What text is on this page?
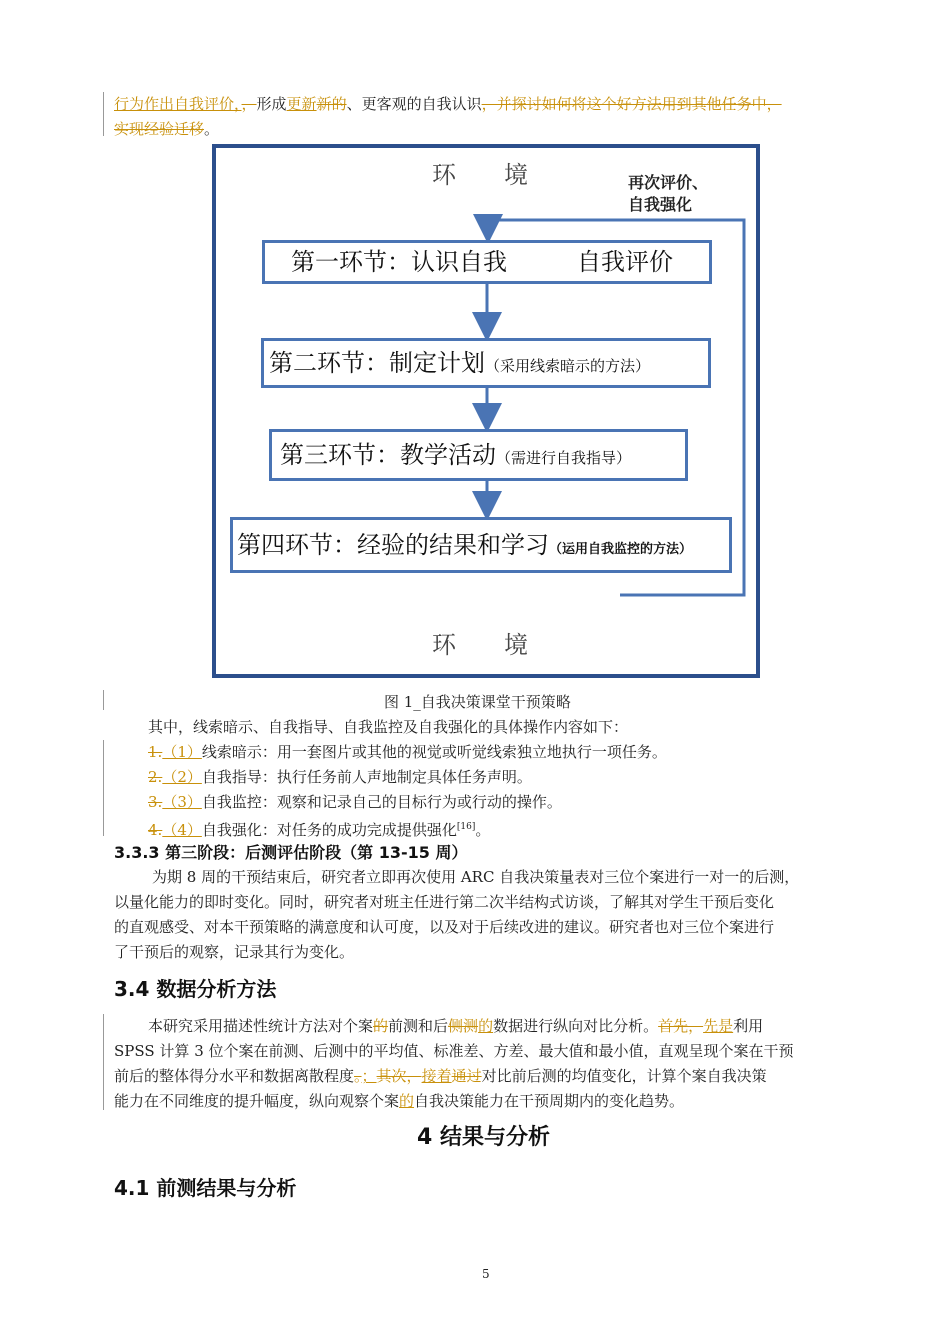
行为作出自我评价，，形成更新新的、更客观的自我认识，并探讨如何将这个好方法用到其他任务中，
实现经验迁移。
环　　境
环　　境
再次评价、
自我强化
第一环节：认识自我	自我评价
第二环节：制定计划（采用线索暗示的方法）
第三环节：教学活动（需进行自我指导）
第四环节：经验的结果和学习（运用自我监控的方法）
图 1_自我决策课堂干预策略
其中，线索暗示、自我指导、自我监控及自我强化的具体操作内容如下：
1.（1）线索暗示：用一套图片或其他的视觉或听觉线索独立地执行一项任务。
2.（2）自我指导：执行任务前人声地制定具体任务声明。
3.（3）自我监控：观察和记录自己的目标行为或行动的操作。
4.（4）自我强化：对任务的成功完成提供强化[16]。
3.3.3 第三阶段：后测评估阶段（第 13-15 周）
为期 8 周的干预结束后，研究者立即再次使用 ARC 自我决策量表对三位个案进行一对一的后测，
以量化能力的即时变化。同时，研究者对班主任进行第二次半结构式访谈，了解其对学生干预后变化
的直观感受、对本干预策略的满意度和认可度，以及对于后续改进的建议。研究者也对三位个案进行
了干预后的观察，记录其行为变化。
3.4 数据分析方法
本研究采用描述性统计方法对个案的前测和后侧测的数据进行纵向对比分析。首先，先是利用
SPSS 计算 3 位个案在前测、后测中的平均值、标准差、方差、最大值和最小值，直观呈现个案在干预
前后的整体得分水平和数据离散程度。；其次，接着通过对比前后测的均值变化，计算个案自我决策
能力在不同维度的提升幅度，纵向观察个案的自我决策能力在干预周期内的变化趋势。
4 结果与分析
4.1 前测结果与分析
5
